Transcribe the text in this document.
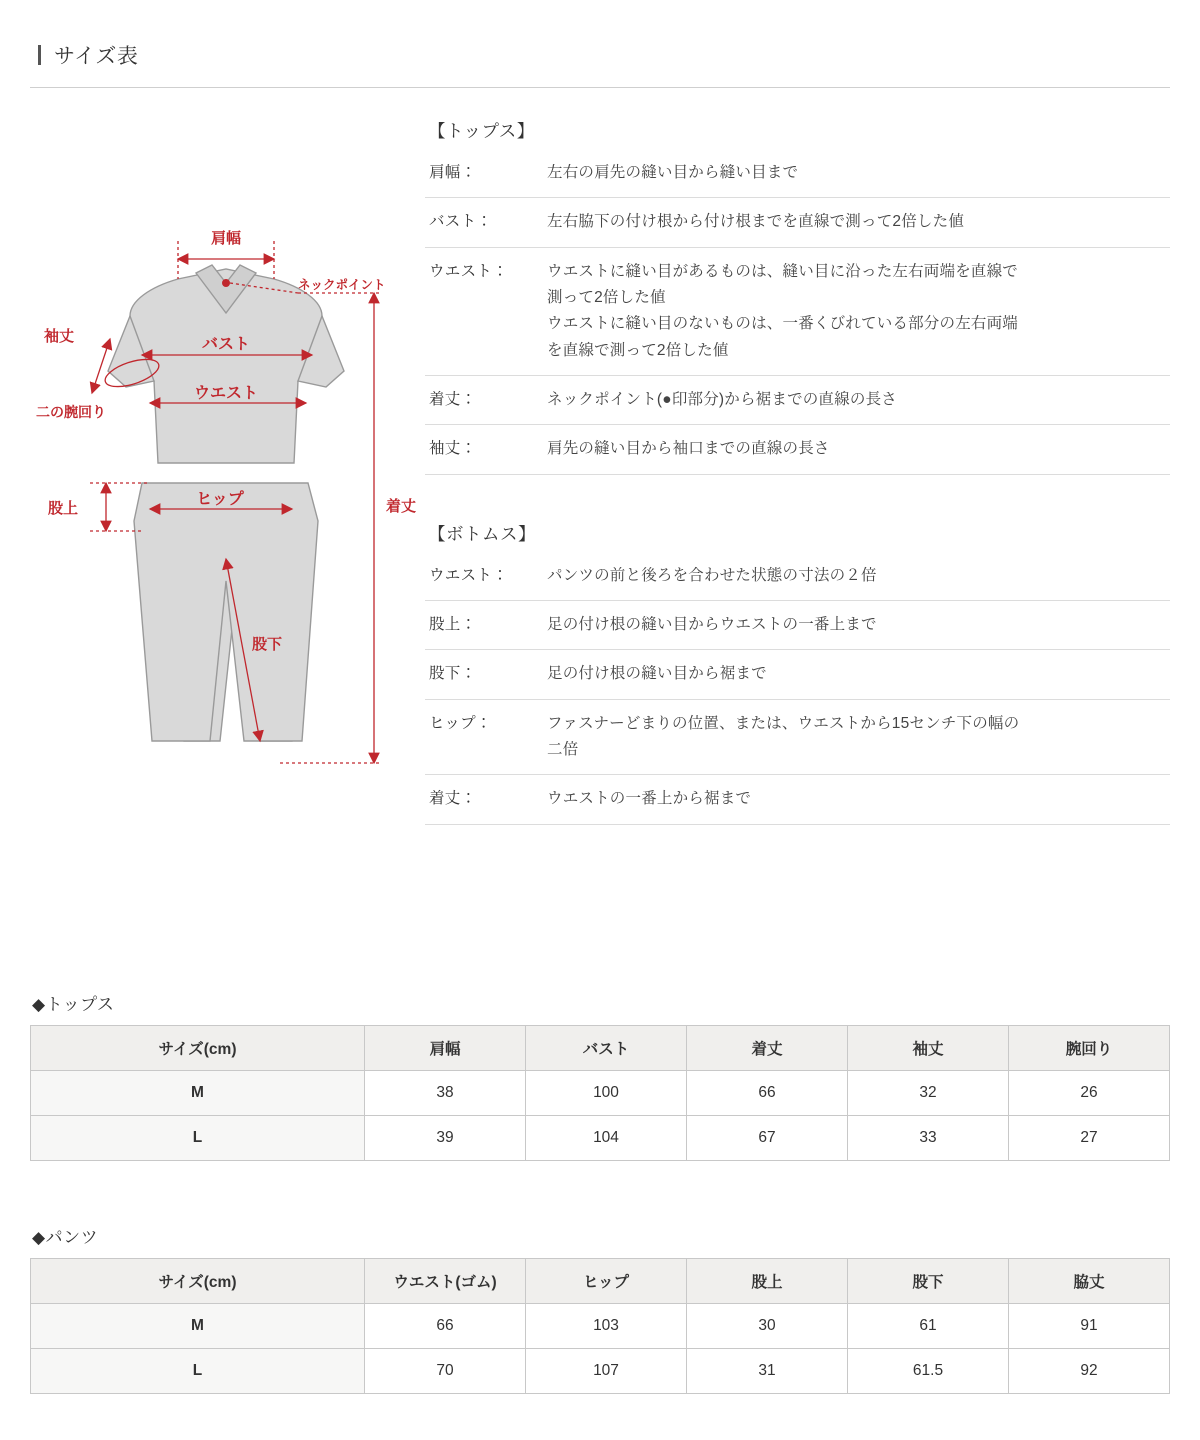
サイズ表
肩幅
ネックポイント
袖丈	バスト
ウエスト
二の腕回り
股上
ヒップ	着丈
股下
【トップス】
肩幅：	左右の肩先の縫い目から縫い目まで
バスト：	左右脇下の付け根から付け根までを直線で測って2倍した値
ウエスト：	ウエストに縫い目があるものは、縫い目に沿った左右両端を直線で
測って2倍した値
ウエストに縫い目のないものは、一番くびれている部分の左右両端
を直線で測って2倍した値
着丈：	ネックポイント(●印部分)から裾までの直線の長さ
袖丈：	肩先の縫い目から袖口までの直線の長さ
【ボトムス】
ウエスト：	パンツの前と後ろを合わせた状態の寸法の２倍
股上：	足の付け根の縫い目からウエストの一番上まで
股下：	足の付け根の縫い目から裾まで
ヒップ：	ファスナーどまりの位置、または、ウエストから15センチ下の幅の
二倍
着丈：	ウエストの一番上から裾まで
◆トップス
サイズ(cm)	肩幅	バスト	着丈	袖丈	腕回り
M	38	100	66	32	26
L	39	104	67	33	27
◆パンツ
サイズ(cm)	ウエスト(ゴム)	ヒップ	股上	股下	脇丈
M	66	103	30	61	91
L	70	107	31	61.5	92
